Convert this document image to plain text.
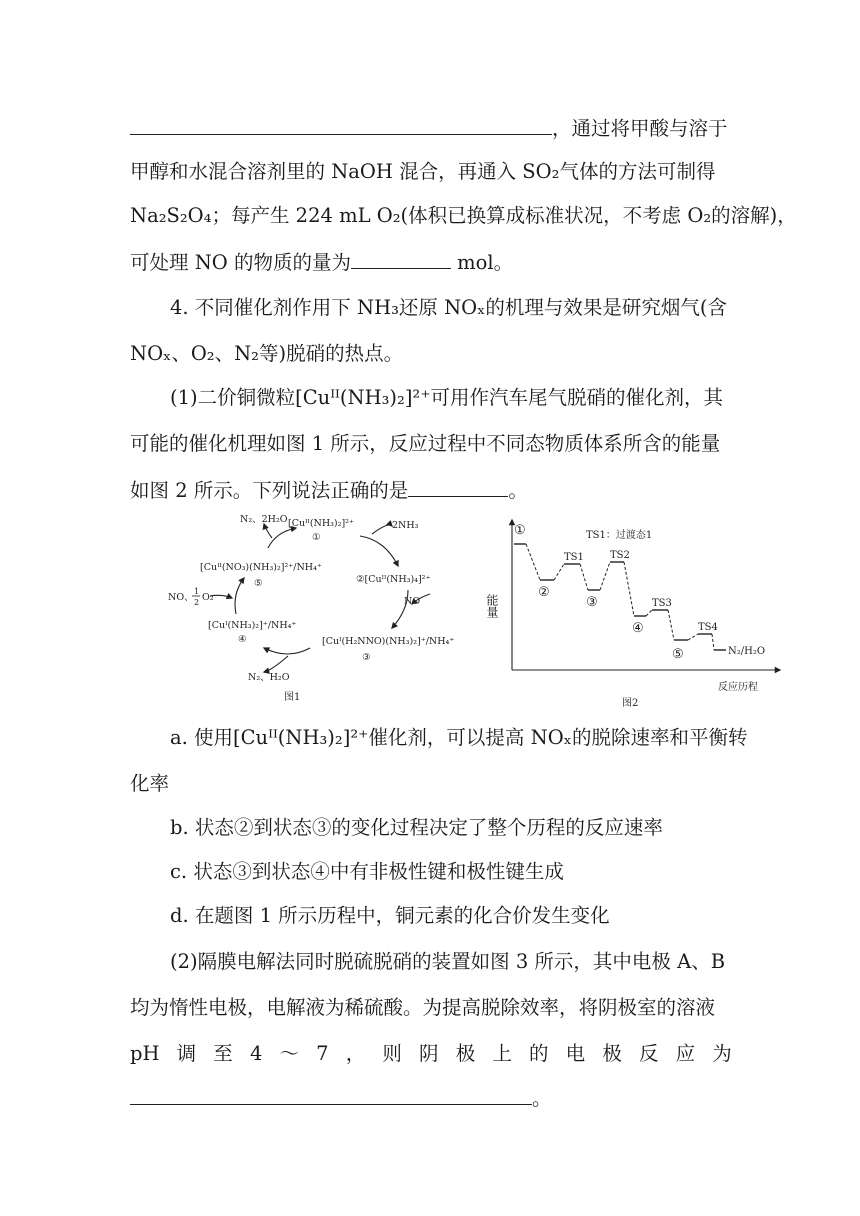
，通过将甲酸与溶于
甲醇和水混合溶剂里的 NaOH 混合，再通入 SO₂气体的方法可制得
Na₂S₂O₄；每产生 224 mL O₂(体积已换算成标准状况，不考虑 O₂的溶解)，
可处理 NO 的物质的量为	mol。
4. 不同催化剂作用下 NH₃还原 NOₓ的机理与效果是研究烟气(含
NOₓ、O₂、N₂等)脱硝的热点。
(1)二价铜微粒[Cuᴵᴵ(NH₃)₂]²⁺可用作汽车尾气脱硝的催化剂，其
可能的催化机理如图 1 所示，反应过程中不同态物质体系所含的能量
如图 2 所示。下列说法正确的是	。
[Cuᴵᴵ(NH₃)₂]²⁺
①
2NH₃
②[Cuᴵᴵ(NH₃)₄]²⁺
NO
[Cuᴵ(H₂NNO)(NH₃)₂]⁺/NH₄⁺
③
N₂、H₂O
[Cuᴵ(NH₃)₂]⁺/NH₄⁺
④
NO、
1
2 O₂
[Cuᴵᴵ(NO₃)(NH₃)₂]²⁺/NH₄⁺
⑤
N₂、2H₂O
图1
TS1：过渡态1
①
②
TS1
③
TS2
④
TS3
⑤
TS4
N₂/H₂O
反应历程
图2
能量
a. 使用[Cuᴵᴵ(NH₃)₂]²⁺催化剂，可以提高 NOₓ的脱除速率和平衡转
化率
b. 状态②到状态③的变化过程决定了整个历程的反应速率
c. 状态③到状态④中有非极性键和极性键生成
d. 在题图 1 所示历程中，铜元素的化合价发生变化
(2)隔膜电解法同时脱硫脱硝的装置如图 3 所示，其中电极 A、B
均为惰性电极，电解液为稀硫酸。为提高脱除效率，将阴极室的溶液
pH 调 至 4 ～ 7 ， 则 阴 极 上 的 电 极 反 应 为
。
